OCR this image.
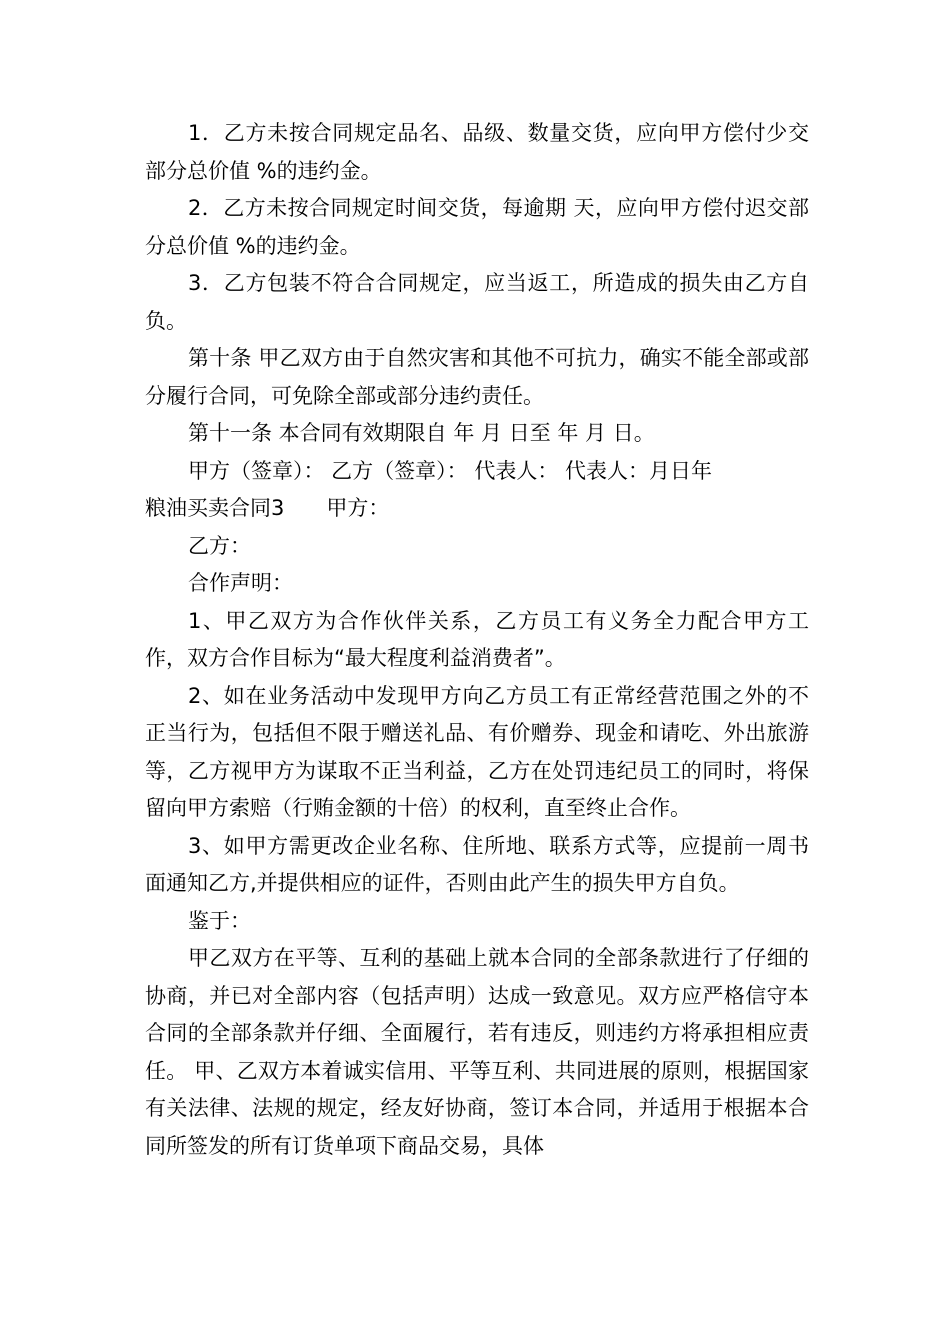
1．乙方未按合同规定品名、品级、数量交货，应向甲方偿付少交部分总价值 %的违约金。

2．乙方未按合同规定时间交货，每逾期 天，应向甲方偿付迟交部分总价值 %的违约金。

3．乙方包装不符合合同规定，应当返工，所造成的损失由乙方自负。

第十条 甲乙双方由于自然灾害和其他不可抗力，确实不能全部或部分履行合同，可免除全部或部分违约责任。

第十一条 本合同有效期限自 年 月 日至 年 月 日。

甲方（签章）： 乙方（签章）： 代表人： 代表人：月日年

粮油买卖合同3 甲方：

乙方：

合作声明：

1、甲乙双方为合作伙伴关系，乙方员工有义务全力配合甲方工作，双方合作目标为“最大程度利益消费者”。

2、如在业务活动中发现甲方向乙方员工有正常经营范围之外的不正当行为，包括但不限于赠送礼品、有价赠券、现金和请吃、外出旅游等，乙方视甲方为谋取不正当利益，乙方在处罚违纪员工的同时，将保留向甲方索赔（行贿金额的十倍）的权利，直至终止合作。

3、如甲方需更改企业名称、住所地、联系方式等，应提前一周书面通知乙方,并提供相应的证件，否则由此产生的损失甲方自负。

鉴于：

甲乙双方在平等、互利的基础上就本合同的全部条款进行了仔细的协商，并已对全部内容（包括声明）达成一致意见。双方应严格信守本合同的全部条款并仔细、全面履行，若有违反，则违约方将承担相应责任。 甲、乙双方本着诚实信用、平等互利、共同进展的原则，根据国家有关法律、法规的规定，经友好协商，签订本合同，并适用于根据本合同所签发的所有订货单项下商品交易，具体
